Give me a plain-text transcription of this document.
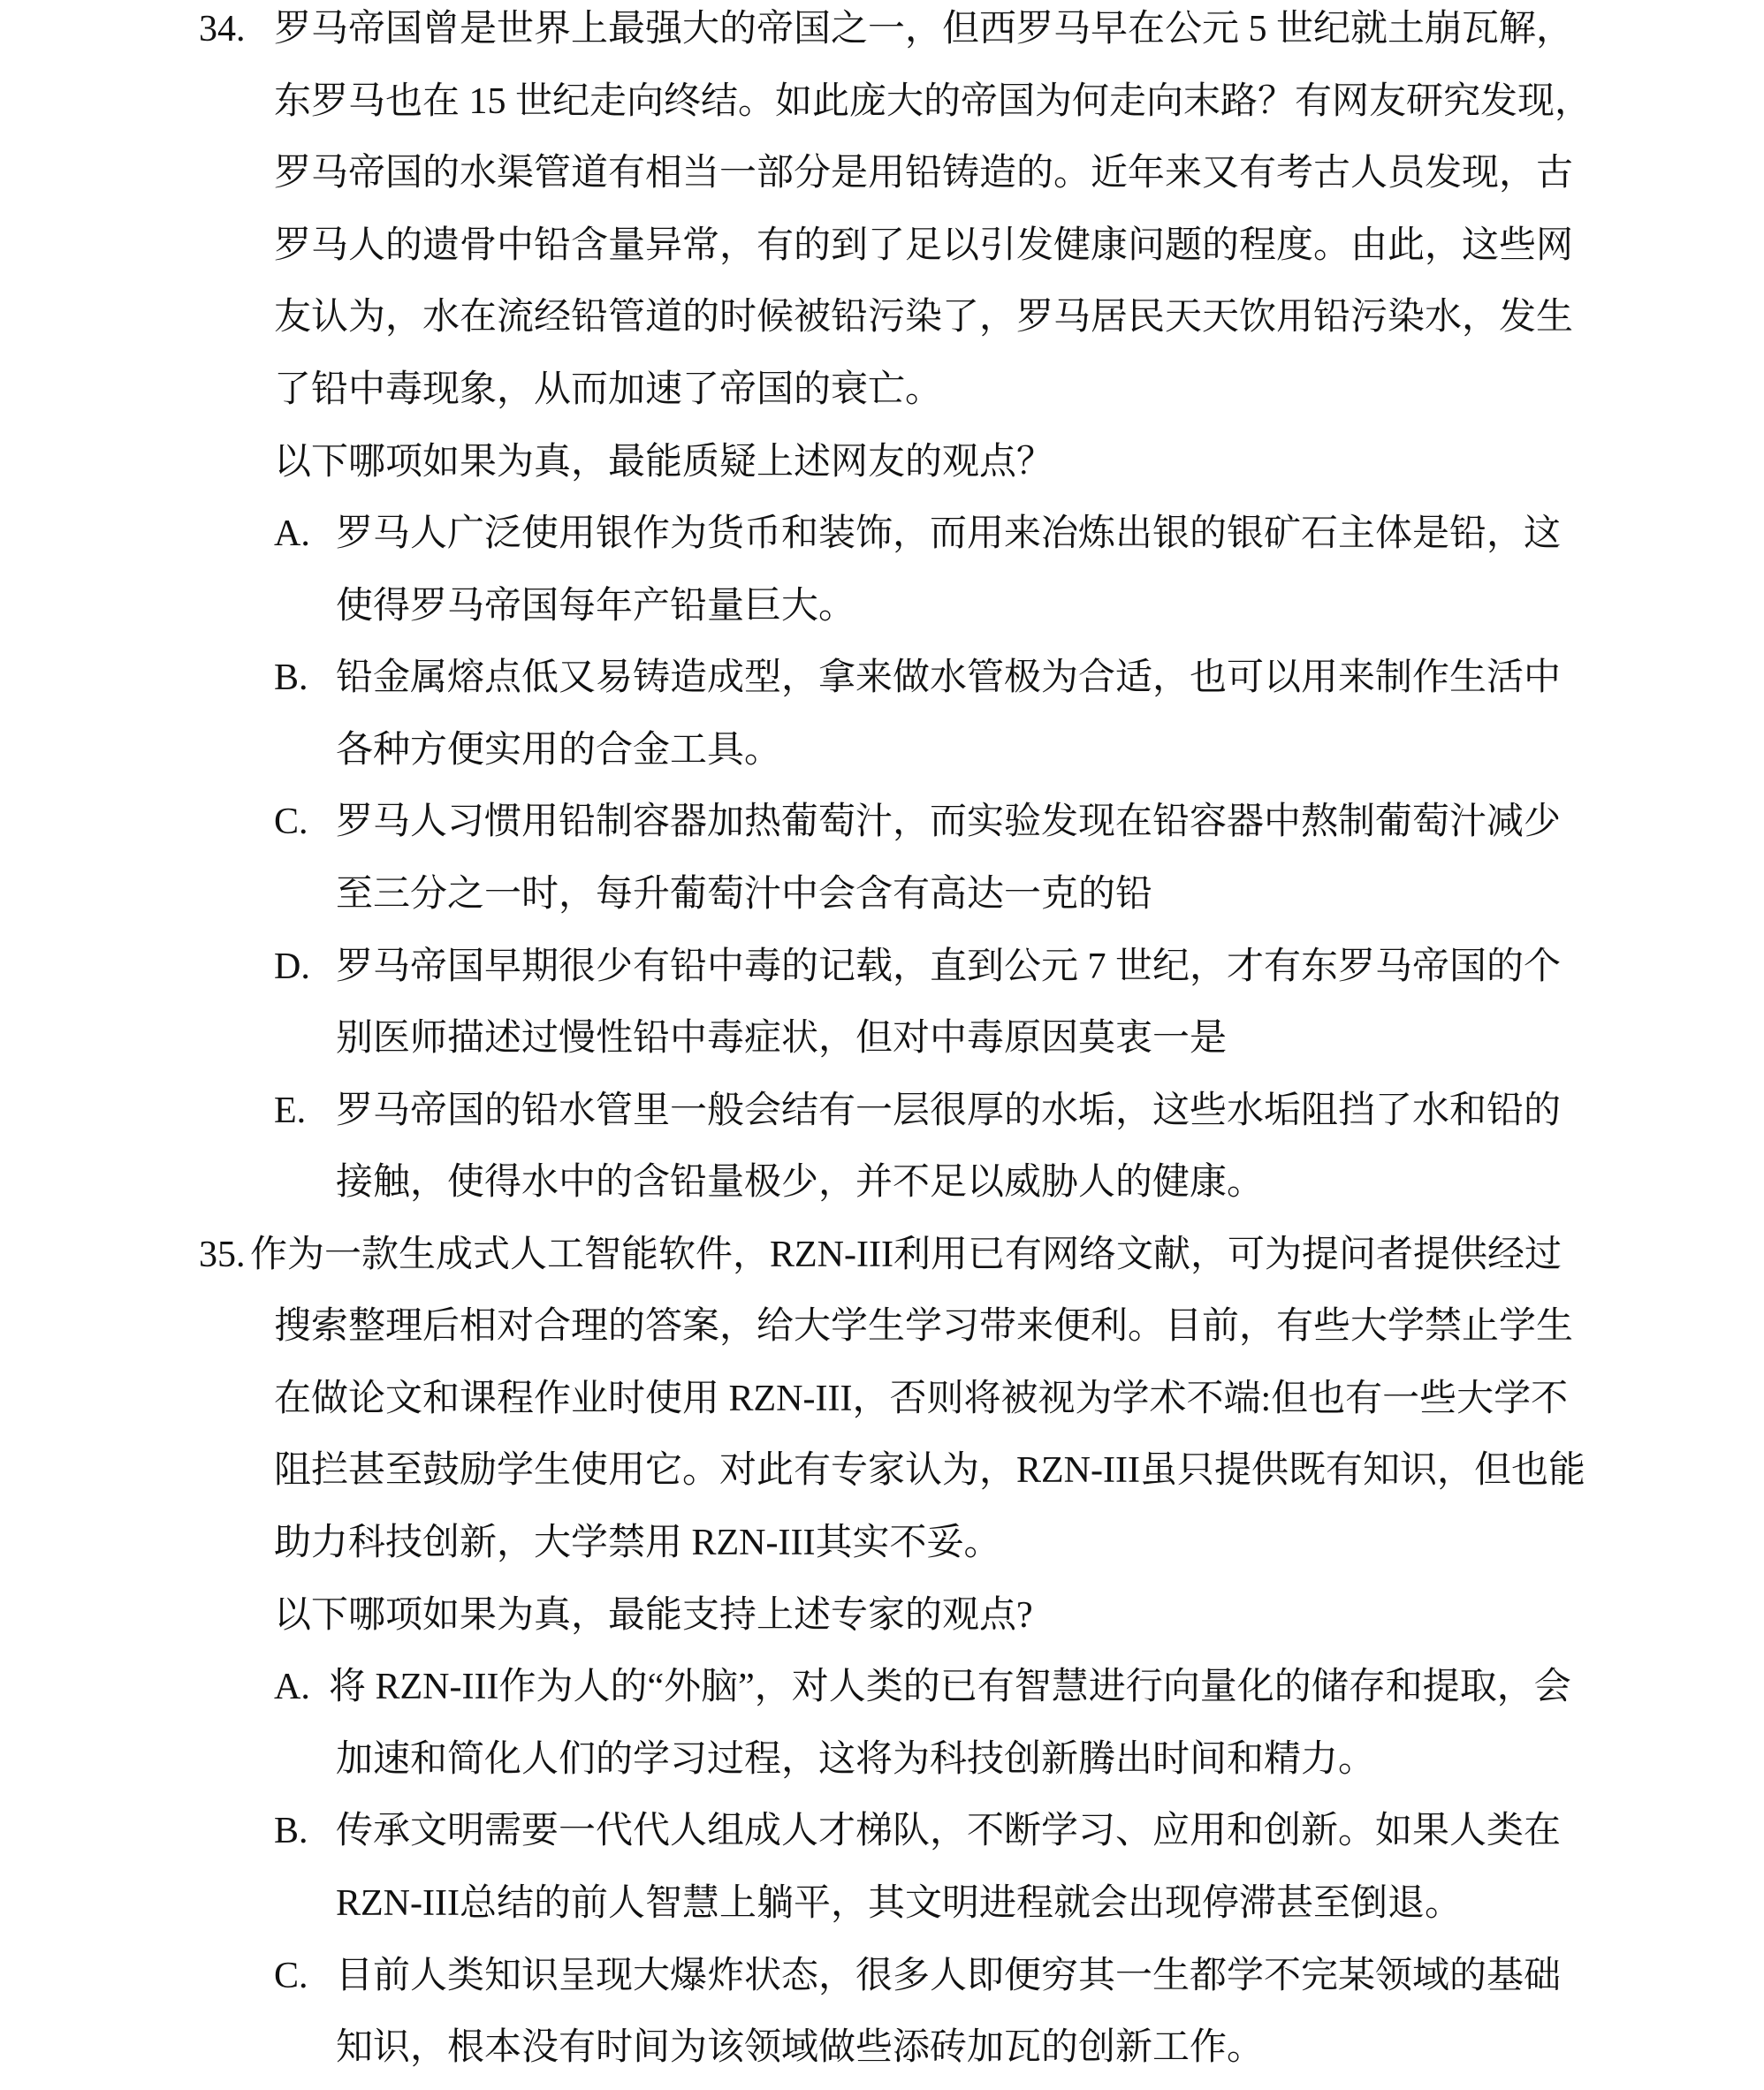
34. 罗马帝国曾是世界上最强大的帝国之一，但西罗马早在公元 5 世纪就土崩瓦解，
东罗马也在 15 世纪走向终结。如此庞大的帝国为何走向末路？有网友研究发现，
罗马帝国的水渠管道有相当一部分是用铅铸造的。近年来又有考古人员发现，古
罗马人的遗骨中铅含量异常，有的到了足以引发健康问题的程度。由此，这些网
友认为，水在流经铅管道的时候被铅污染了，罗马居民天天饮用铅污染水，发生
了铅中毒现象，从而加速了帝国的衰亡。
以下哪项如果为真，最能质疑上述网友的观点？
A. 罗马人广泛使用银作为货币和装饰，而用来冶炼出银的银矿石主体是铅，这
使得罗马帝国每年产铅量巨大。
B. 铅金属熔点低又易铸造成型，拿来做水管极为合适，也可以用来制作生活中
各种方便实用的合金工具。
C. 罗马人习惯用铅制容器加热葡萄汁，而实验发现在铅容器中熬制葡萄汁减少
至三分之一时，每升葡萄汁中会含有高达一克的铅
D. 罗马帝国早期很少有铅中毒的记载，直到公元 7 世纪，才有东罗马帝国的个
别医师描述过慢性铅中毒症状，但对中毒原因莫衷一是
E. 罗马帝国的铅水管里一般会结有一层很厚的水垢，这些水垢阻挡了水和铅的
接触，使得水中的含铅量极少，并不足以威胁人的健康。
35. 作为一款生成式人工智能软件，RZN-III利用已有网络文献，可为提问者提供经过
搜索整理后相对合理的答案，给大学生学习带来便利。目前，有些大学禁止学生
在做论文和课程作业时使用 RZN-III，否则将被视为学术不端:但也有一些大学不
阻拦甚至鼓励学生使用它。对此有专家认为，RZN-III虽只提供既有知识，但也能
助力科技创新，大学禁用 RZN-III其实不妥。
以下哪项如果为真，最能支持上述专家的观点?
A. 将 RZN-III作为人的“外脑”，对人类的已有智慧进行向量化的储存和提取，会
加速和简化人们的学习过程，这将为科技创新腾出时间和精力。
B. 传承文明需要一代代人组成人才梯队，不断学习、应用和创新。如果人类在
RZN-III总结的前人智慧上躺平，其文明进程就会出现停滞甚至倒退。
C. 目前人类知识呈现大爆炸状态，很多人即便穷其一生都学不完某领域的基础
知识，根本没有时间为该领域做些添砖加瓦的创新工作。
